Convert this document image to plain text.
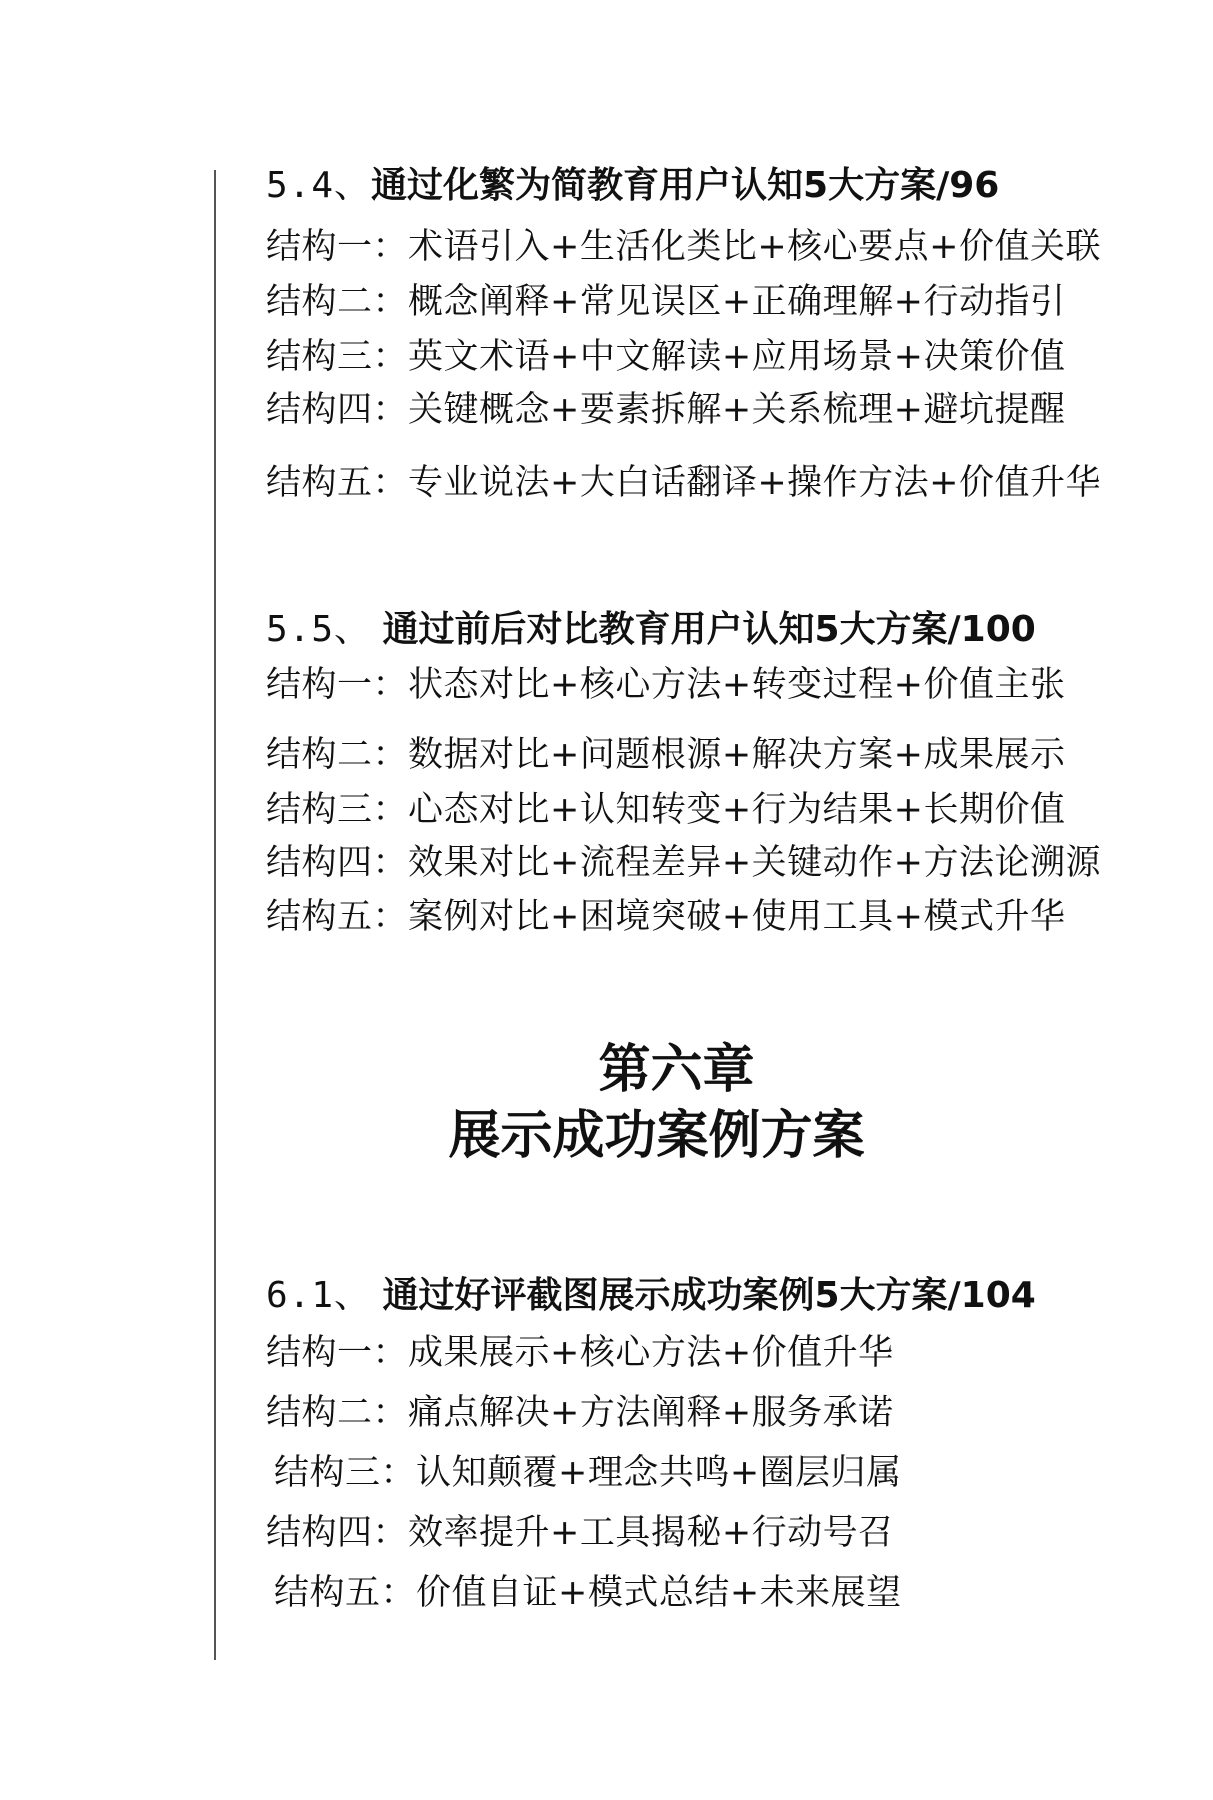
5.4、通过化繁为简教育用户认知5大方案/96
结构一：术语引入+生活化类比+核心要点+价值关联
结构二：概念阐释+常见误区+正确理解+行动指引
结构三：英文术语+中文解读+应用场景+决策价值
结构四：关键概念+要素拆解+关系梳理+避坑提醒
结构五：专业说法+大白话翻译+操作方法+价值升华
5.5、 通过前后对比教育用户认知5大方案/100
结构一：状态对比+核心方法+转变过程+价值主张
结构二：数据对比+问题根源+解决方案+成果展示
结构三：心态对比+认知转变+行为结果+长期价值
结构四：效果对比+流程差异+关键动作+方法论溯源
结构五：案例对比+困境突破+使用工具+模式升华
第六章
展示成功案例方案
6.1、 通过好评截图展示成功案例5大方案/104
结构一：成果展示+核心方法+价值升华
结构二：痛点解决+方法阐释+服务承诺
结构三：认知颠覆+理念共鸣+圈层归属
结构四：效率提升+工具揭秘+行动号召
结构五：价值自证+模式总结+未来展望
